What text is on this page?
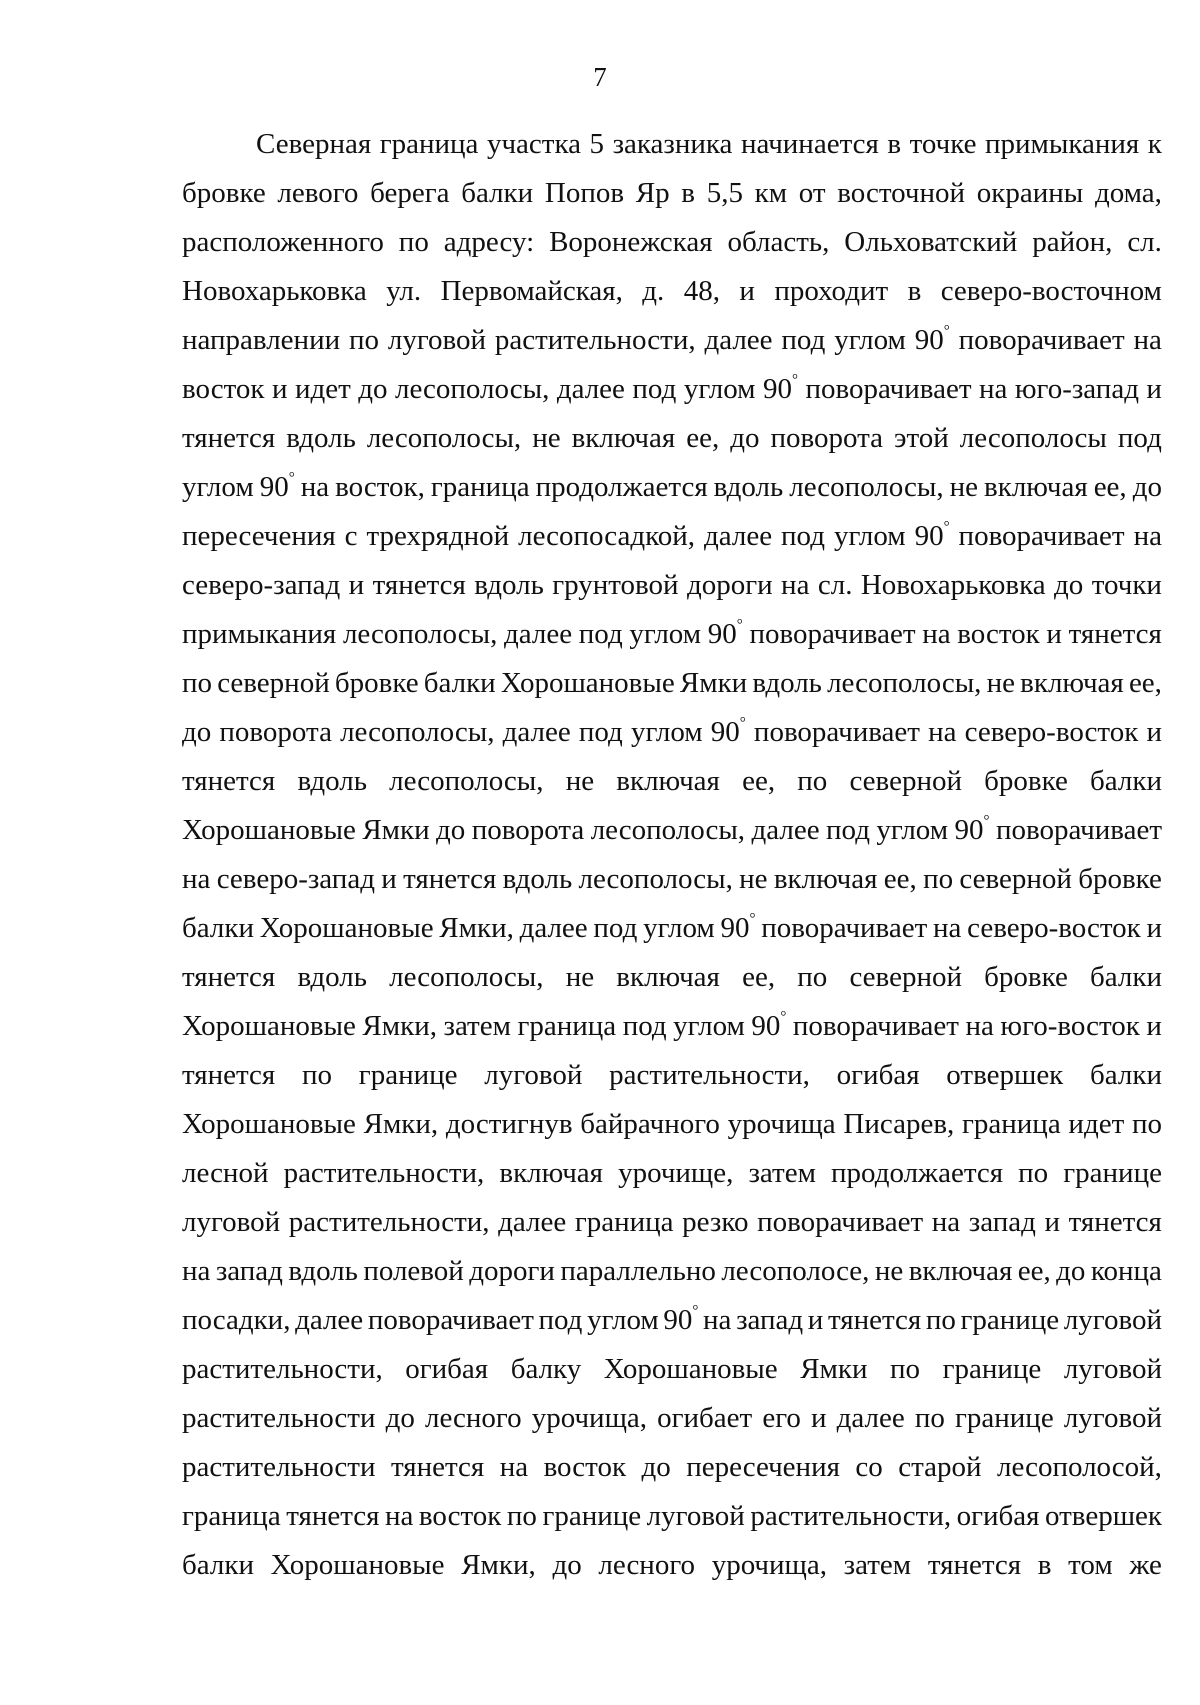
7
Северная граница участка 5 заказника начинается в точке примыкания к
бровке левого берега балки Попов Яр в 5,5 км от восточной окраины дома,
расположенного по адресу: Воронежская область, Ольховатский район, сл.
Новохарьковка ул. Первомайская, д. 48, и проходит в северо-восточном
направлении по луговой растительности, далее под углом 90° поворачивает на
восток и идет до лесополосы, далее под углом 90° поворачивает на юго-запад и
тянется вдоль лесополосы, не включая ее, до поворота этой лесополосы под
углом 90° на восток, граница продолжается вдоль лесополосы, не включая ее, до
пересечения с трехрядной лесопосадкой, далее под углом 90° поворачивает на
северо-запад и тянется вдоль грунтовой дороги на сл. Новохарьковка до точки
примыкания лесополосы, далее под углом 90° поворачивает на восток и тянется
по северной бровке балки Хорошановые Ямки вдоль лесополосы, не включая ее,
до поворота лесополосы, далее под углом 90° поворачивает на северо-восток и
тянется вдоль лесополосы, не включая ее, по северной бровке балки
Хорошановые Ямки до поворота лесополосы, далее под углом 90° поворачивает
на северо-запад и тянется вдоль лесополосы, не включая ее, по северной бровке
балки Хорошановые Ямки, далее под углом 90° поворачивает на северо-восток и
тянется вдоль лесополосы, не включая ее, по северной бровке балки
Хорошановые Ямки, затем граница под углом 90° поворачивает на юго-восток и
тянется по границе луговой растительности, огибая отвершек балки
Хорошановые Ямки, достигнув байрачного урочища Писарев, граница идет по
лесной растительности, включая урочище, затем продолжается по границе
луговой растительности, далее граница резко поворачивает на запад и тянется
на запад вдоль полевой дороги параллельно лесополосе, не включая ее, до конца
посадки, далее поворачивает под углом 90° на запад и тянется по границе луговой
растительности, огибая балку Хорошановые Ямки по границе луговой
растительности до лесного урочища, огибает его и далее по границе луговой
растительности тянется на восток до пересечения со старой лесополосой,
граница тянется на восток по границе луговой растительности, огибая отвершек
балки Хорошановые Ямки, до лесного урочища, затем тянется в том же
